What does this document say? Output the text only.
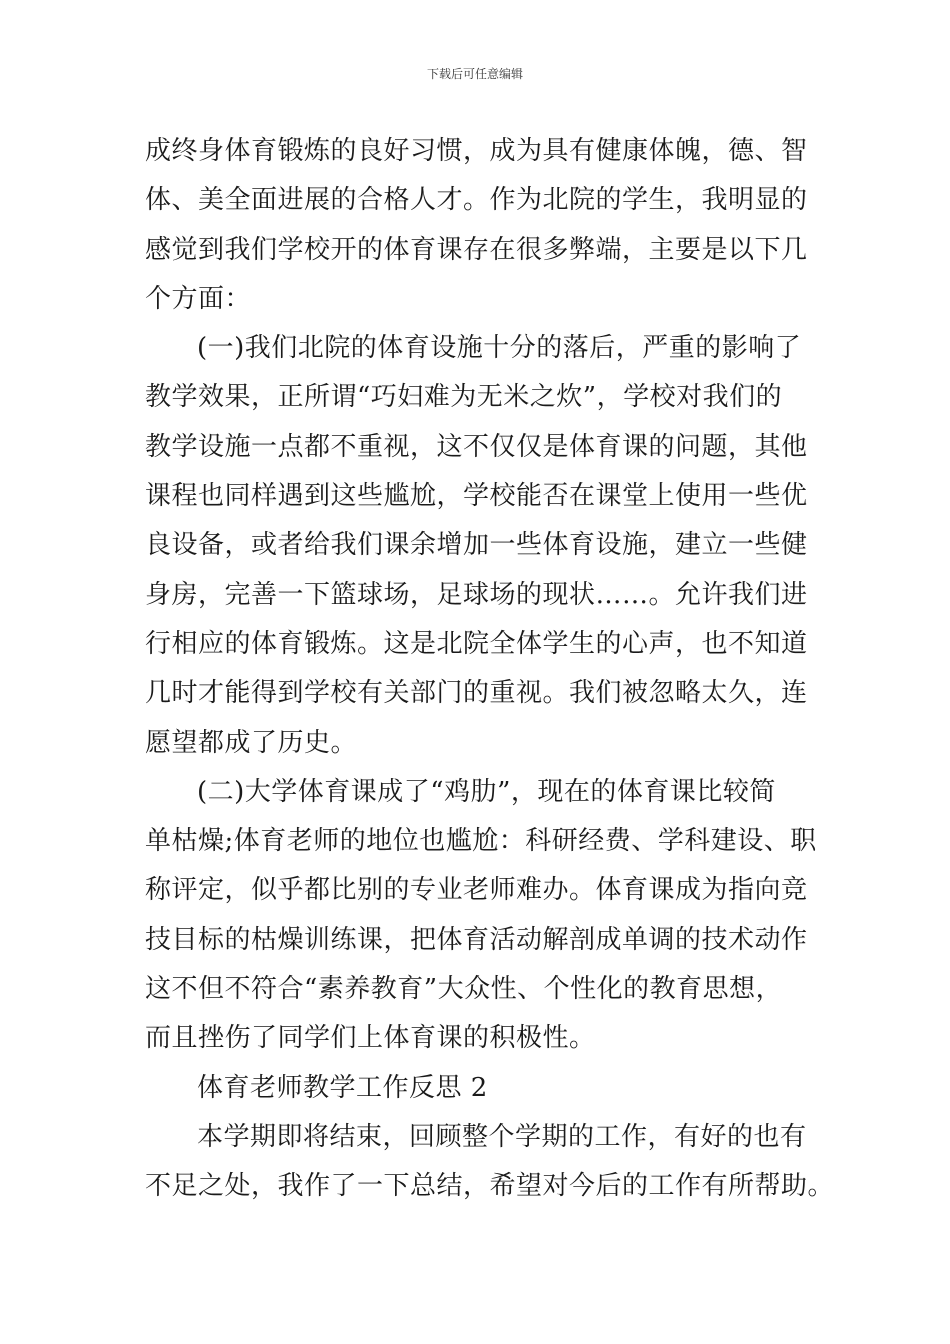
下载后可任意编辑
成终身体育锻炼的良好习惯，成为具有健康体魄，德、智
体、美全面进展的合格人才。作为北院的学生，我明显的
感觉到我们学校开的体育课存在很多弊端，主要是以下几
个方面：
(一)我们北院的体育设施十分的落后，严重的影响了
教学效果，正所谓“巧妇难为无米之炊”，学校对我们的
教学设施一点都不重视，这不仅仅是体育课的问题，其他
课程也同样遇到这些尴尬，学校能否在课堂上使用一些优
良设备，或者给我们课余增加一些体育设施，建立一些健
身房，完善一下篮球场，足球场的现状……。允许我们进
行相应的体育锻炼。这是北院全体学生的心声，也不知道
几时才能得到学校有关部门的重视。我们被忽略太久，连
愿望都成了历史。
(二)大学体育课成了“鸡肋”，现在的体育课比较简
单枯燥;体育老师的地位也尴尬：科研经费、学科建设、职
称评定，似乎都比别的专业老师难办。体育课成为指向竞
技目标的枯燥训练课，把体育活动解剖成单调的技术动作
这不但不符合“素养教育”大众性、个性化的教育思想，
而且挫伤了同学们上体育课的积极性。
体育老师教学工作反思 2
本学期即将结束，回顾整个学期的工作，有好的也有
不足之处，我作了一下总结，希望对今后的工作有所帮助。
